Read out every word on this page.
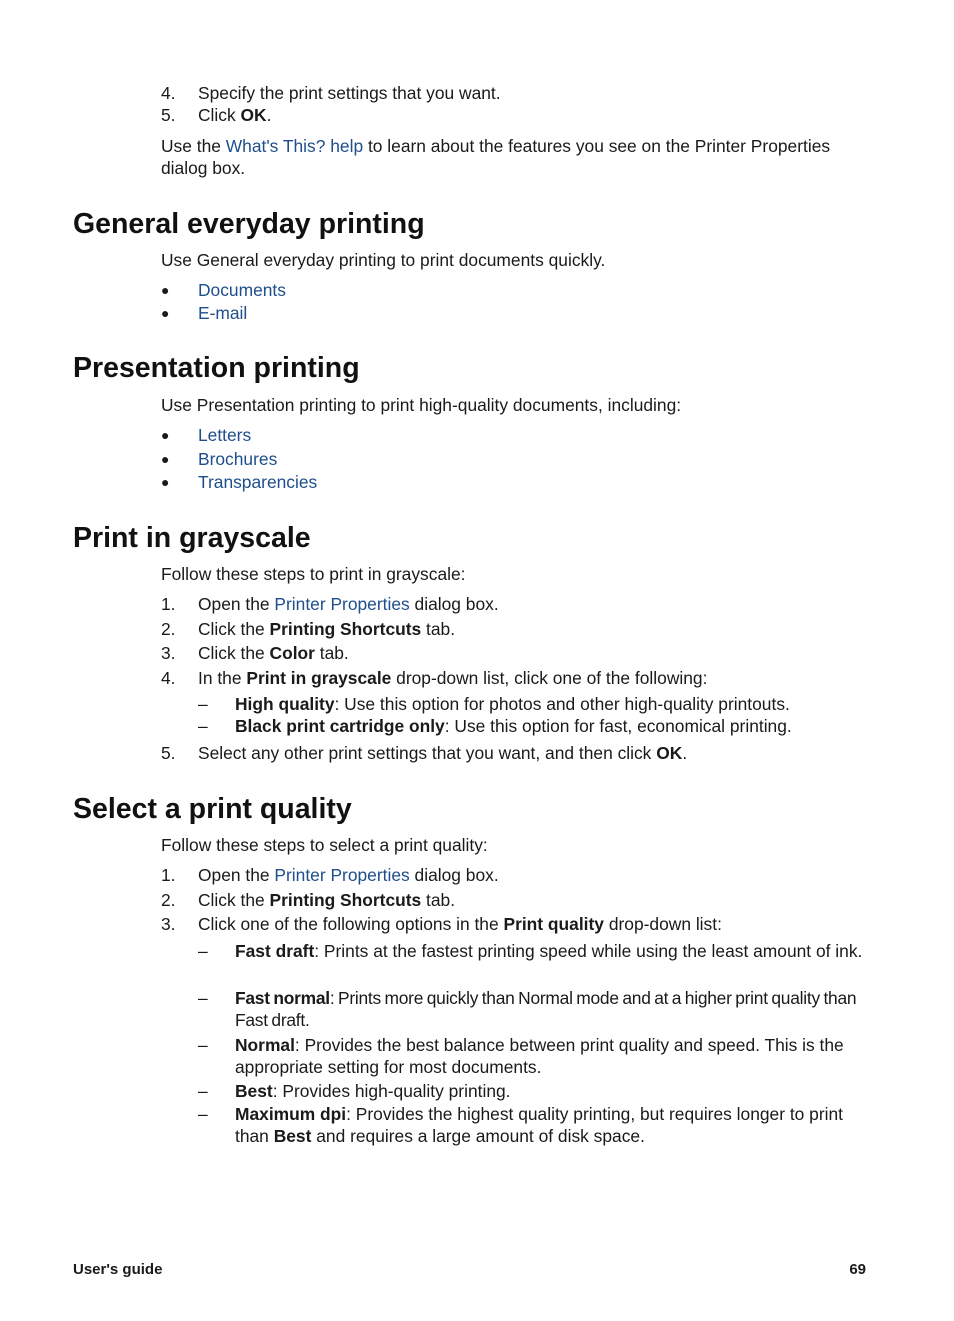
4. Specify the print settings that you want.
5. Click OK.
Use the What's This? help to learn about the features you see on the Printer Properties dialog box.
General everyday printing
Use General everyday printing to print documents quickly.
● Documents
● E-mail
Presentation printing
Use Presentation printing to print high-quality documents, including:
● Letters
● Brochures
● Transparencies
Print in grayscale
Follow these steps to print in grayscale:
1. Open the Printer Properties dialog box.
2. Click the Printing Shortcuts tab.
3. Click the Color tab.
4. In the Print in grayscale drop-down list, click one of the following:
– High quality: Use this option for photos and other high-quality printouts.
– Black print cartridge only: Use this option for fast, economical printing.
5. Select any other print settings that you want, and then click OK.
Select a print quality
Follow these steps to select a print quality:
1. Open the Printer Properties dialog box.
2. Click the Printing Shortcuts tab.
3. Click one of the following options in the Print quality drop-down list:
– Fast draft: Prints at the fastest printing speed while using the least amount of ink.
– Fast normal: Prints more quickly than Normal mode and at a higher print quality than Fast draft.
– Normal: Provides the best balance between print quality and speed. This is the appropriate setting for most documents.
– Best: Provides high-quality printing.
– Maximum dpi: Provides the highest quality printing, but requires longer to print than Best and requires a large amount of disk space.
User's guide	69
